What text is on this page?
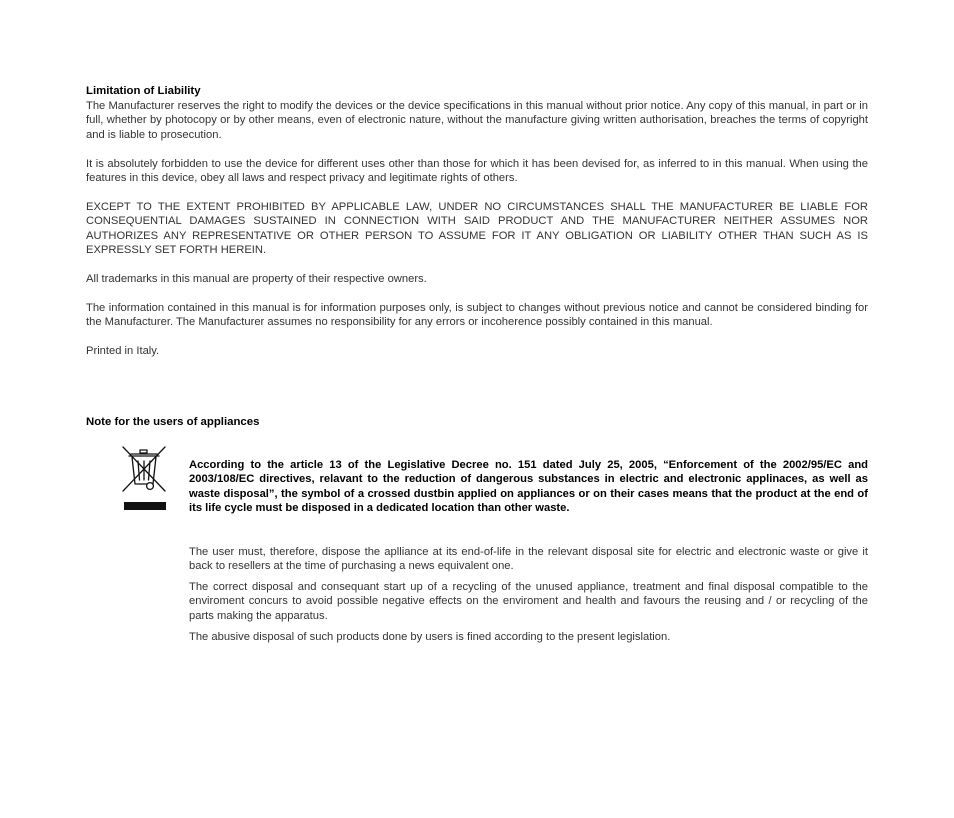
Limitation of Liability

The Manufacturer reserves the right to modify the devices or the device specifications in this manual without prior notice. Any copy of this manual, in part or in full, whether by photocopy or by other means, even of electronic nature, without the manufacture giving written authorisation, breaches the terms of copyright and is liable to prosecution.

It is absolutely forbidden to use the device for different uses other than those for which it has been devised for, as inferred to in this manual. When using the features in this device, obey all laws and respect privacy and legitimate rights of others.

EXCEPT TO THE EXTENT PROHIBITED BY APPLICABLE LAW, UNDER NO CIRCUMSTANCES SHALL THE MANUFACTURER BE LIABLE FOR CONSEQUENTIAL DAMAGES SUSTAINED IN CONNECTION WITH SAID PRODUCT AND THE MANUFACTURER NEITHER ASSUMES NOR AUTHORIZES ANY REPRESENTATIVE OR OTHER PERSON TO ASSUME FOR IT ANY OBLIGATION OR LIABILITY OTHER THAN SUCH AS IS EXPRESSLY SET FORTH HEREIN.

All trademarks in this manual are property of their respective owners.

The information contained in this manual is for information purposes only, is subject to changes without previous notice and cannot be considered binding for the Manufacturer. The Manufacturer assumes no responsibility for any errors or incoherence possibly contained in this manual.

Printed in Italy.

Note for the users of appliances

According to the article 13 of the Legislative Decree no. 151 dated July 25, 2005, “Enforcement of the 2002/95/EC and 2003/108/EC directives, relavant to the reduction of dangerous substances in electric and electronic applinaces, as well as waste disposal”, the symbol of a crossed dustbin applied on appliances or on their cases means that the product at the end of its life cycle must be disposed in a dedicated location than other waste.

The user must, therefore, dispose the aplliance at its end-of-life in the relevant disposal site for electric and electronic waste or give it back to resellers at the time of purchasing a news equivalent one.

The correct disposal and consequant start up of a recycling of the unused appliance, treatment and final disposal compatible to the enviroment concurs to avoid possible negative effects on the enviroment and health and favours the reusing and / or recycling of the parts making the apparatus.

The abusive disposal of such products done by users is fined according to the present legislation.
